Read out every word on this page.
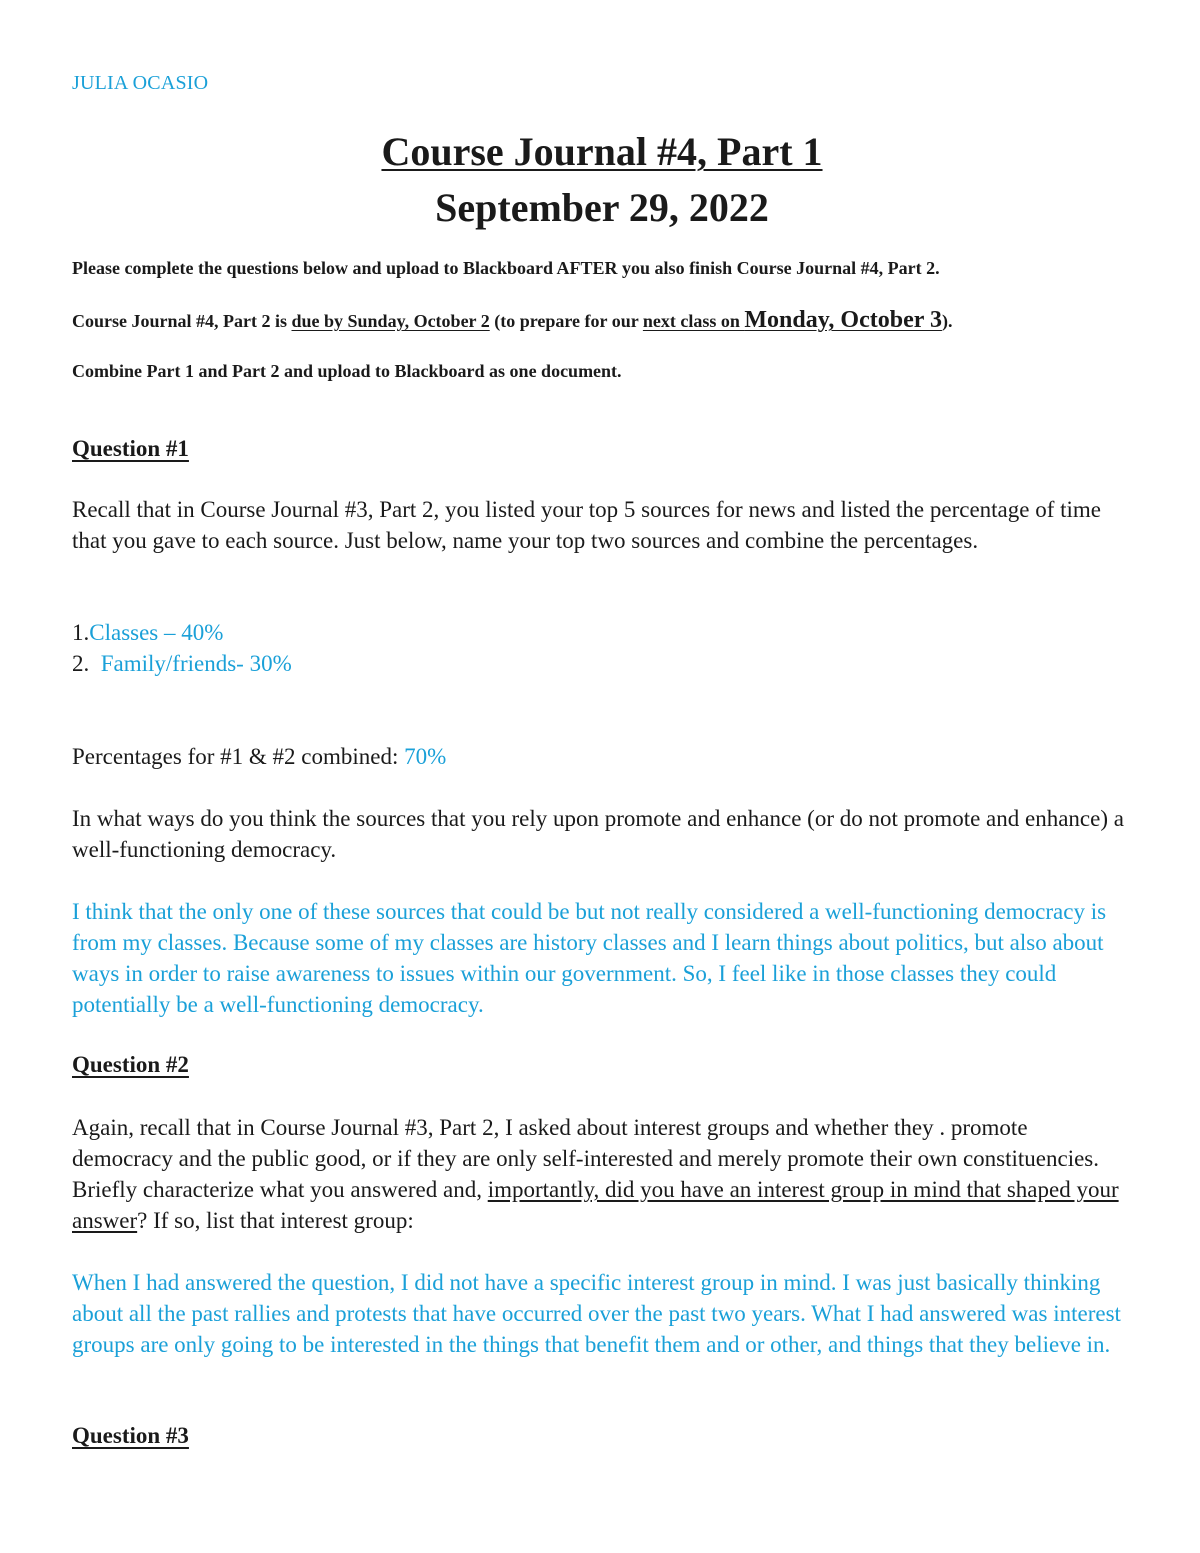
JULIA OCASIO
Course Journal #4, Part 1
September 29, 2022
Please complete the questions below and upload to Blackboard AFTER you also finish Course Journal #4, Part 2.
Course Journal #4, Part 2 is due by Sunday, October 2 (to prepare for our next class on Monday, October 3).
Combine Part 1 and Part 2 and upload to Blackboard as one document.
Question #1
Recall that in Course Journal #3, Part 2, you listed your top 5 sources for news and listed the percentage of time that you gave to each source. Just below, name your top two sources and combine the percentages.
1.Classes – 40%
2.  Family/friends- 30%
Percentages for #1 & #2 combined: 70%
In what ways do you think the sources that you rely upon promote and enhance (or do not promote and enhance) a well-functioning democracy.
I think that the only one of these sources that could be but not really considered a well-functioning democracy is from my classes. Because some of my classes are history classes and I learn things about politics, but also about ways in order to raise awareness to issues within our government. So, I feel like in those classes they could potentially be a well-functioning democracy.
Question #2
Again, recall that in Course Journal #3, Part 2, I asked about interest groups and whether they . promote democracy and the public good, or if they are only self-interested and merely promote their own constituencies. Briefly characterize what you answered and, importantly, did you have an interest group in mind that shaped your answer? If so, list that interest group:
When I had answered the question, I did not have a specific interest group in mind. I was just basically thinking about all the past rallies and protests that have occurred over the past two years. What I had answered was interest groups are only going to be interested in the things that benefit them and or other, and things that they believe in.
Question #3
